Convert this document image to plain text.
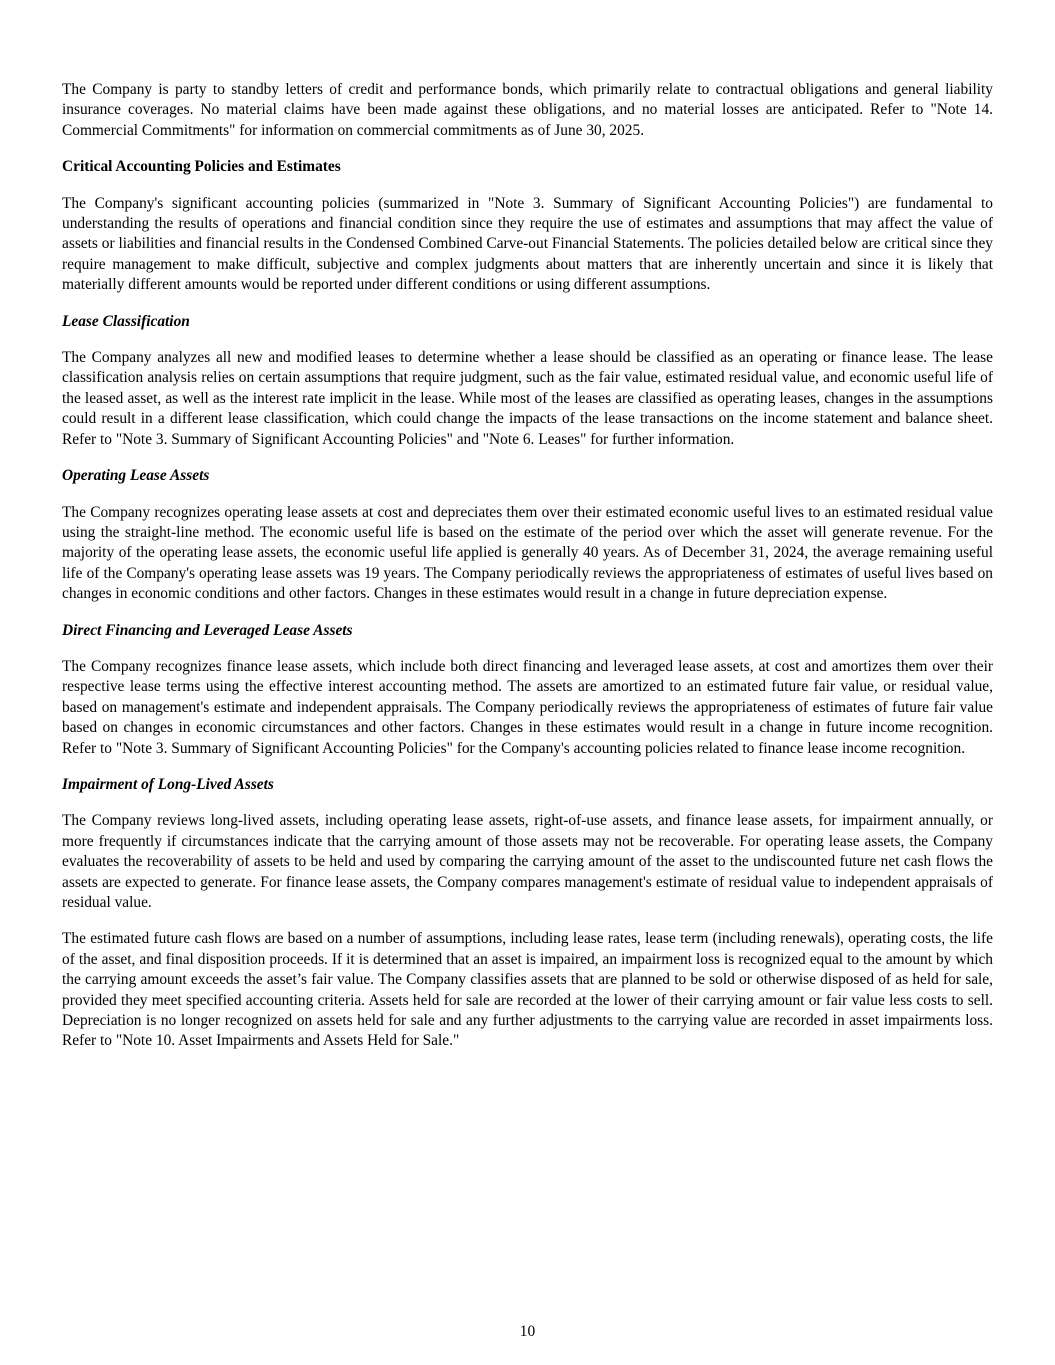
The Company is party to standby letters of credit and performance bonds, which primarily relate to contractual obligations and general liability insurance coverages. No material claims have been made against these obligations, and no material losses are anticipated. Refer to "Note 14. Commercial Commitments" for information on commercial commitments as of June 30, 2025.

Critical Accounting Policies and Estimates

The Company's significant accounting policies (summarized in "Note 3. Summary of Significant Accounting Policies") are fundamental to understanding the results of operations and financial condition since they require the use of estimates and assumptions that may affect the value of assets or liabilities and financial results in the Condensed Combined Carve-out Financial Statements. The policies detailed below are critical since they require management to make difficult, subjective and complex judgments about matters that are inherently uncertain and since it is likely that materially different amounts would be reported under different conditions or using different assumptions.

Lease Classification

The Company analyzes all new and modified leases to determine whether a lease should be classified as an operating or finance lease. The lease classification analysis relies on certain assumptions that require judgment, such as the fair value, estimated residual value, and economic useful life of the leased asset, as well as the interest rate implicit in the lease. While most of the leases are classified as operating leases, changes in the assumptions could result in a different lease classification, which could change the impacts of the lease transactions on the income statement and balance sheet. Refer to "Note 3. Summary of Significant Accounting Policies" and "Note 6. Leases" for further information.

Operating Lease Assets

The Company recognizes operating lease assets at cost and depreciates them over their estimated economic useful lives to an estimated residual value using the straight-line method. The economic useful life is based on the estimate of the period over which the asset will generate revenue. For the majority of the operating lease assets, the economic useful life applied is generally 40 years. As of December 31, 2024, the average remaining useful life of the Company's operating lease assets was 19 years. The Company periodically reviews the appropriateness of estimates of useful lives based on changes in economic conditions and other factors. Changes in these estimates would result in a change in future depreciation expense.

Direct Financing and Leveraged Lease Assets

The Company recognizes finance lease assets, which include both direct financing and leveraged lease assets, at cost and amortizes them over their respective lease terms using the effective interest accounting method. The assets are amortized to an estimated future fair value, or residual value, based on management's estimate and independent appraisals. The Company periodically reviews the appropriateness of estimates of future fair value based on changes in economic circumstances and other factors. Changes in these estimates would result in a change in future income recognition. Refer to "Note 3. Summary of Significant Accounting Policies" for the Company's accounting policies related to finance lease income recognition.

Impairment of Long-Lived Assets

The Company reviews long-lived assets, including operating lease assets, right-of-use assets, and finance lease assets, for impairment annually, or more frequently if circumstances indicate that the carrying amount of those assets may not be recoverable. For operating lease assets, the Company evaluates the recoverability of assets to be held and used by comparing the carrying amount of the asset to the undiscounted future net cash flows the assets are expected to generate. For finance lease assets, the Company compares management's estimate of residual value to independent appraisals of residual value.

The estimated future cash flows are based on a number of assumptions, including lease rates, lease term (including renewals), operating costs, the life of the asset, and final disposition proceeds. If it is determined that an asset is impaired, an impairment loss is recognized equal to the amount by which the carrying amount exceeds the asset’s fair value. The Company classifies assets that are planned to be sold or otherwise disposed of as held for sale, provided they meet specified accounting criteria. Assets held for sale are recorded at the lower of their carrying amount or fair value less costs to sell. Depreciation is no longer recognized on assets held for sale and any further adjustments to the carrying value are recorded in asset impairments loss. Refer to "Note 10. Asset Impairments and Assets Held for Sale."

10
